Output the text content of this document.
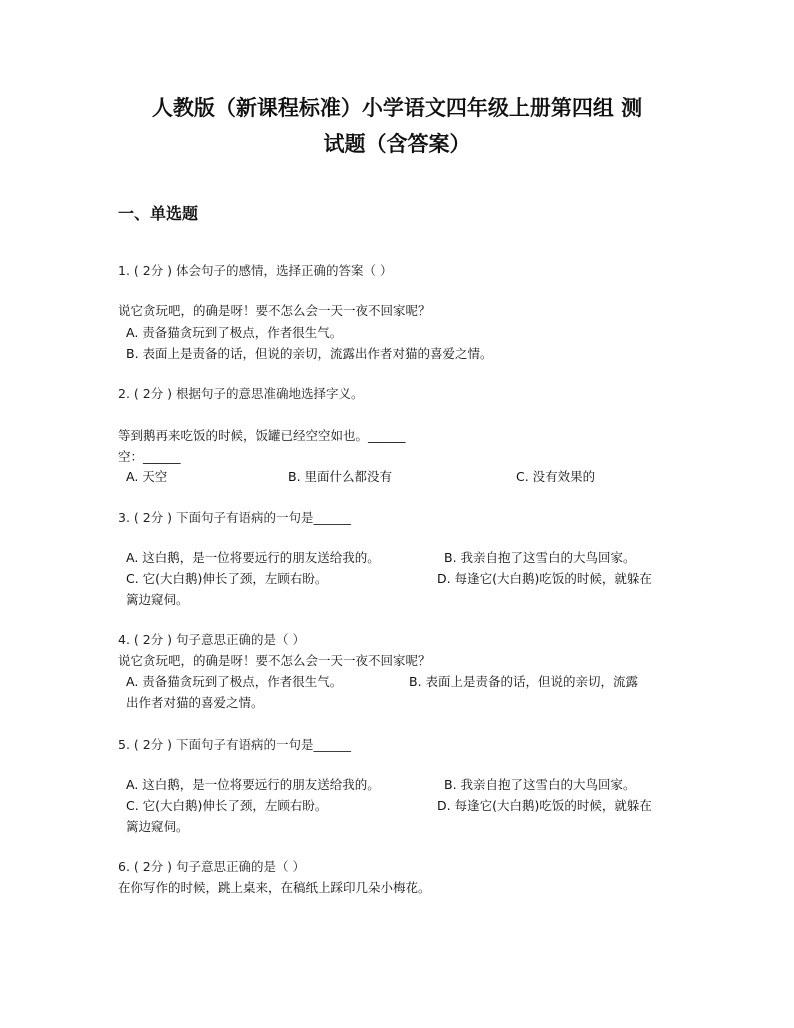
人教版（新课程标准）小学语文四年级上册第四组 测
试题（含答案）
一、单选题
1. ( 2分 ) 体会句子的感情，选择正确的答案（ ）
说它贪玩吧，的确是呀！要不怎么会一天一夜不回家呢？
A. 责备猫贪玩到了极点，作者很生气。
B. 表面上是责备的话，但说的亲切，流露出作者对猫的喜爱之情。
2. ( 2分 ) 根据句子的意思准确地选择字义。
等到鹅再来吃饭的时候，饭罐已经空空如也。______
空：______
A. 天空	B. 里面什么都没有	C. 没有效果的
3. ( 2分 ) 下面句子有语病的一句是______
A. 这白鹅，是一位将要远行的朋友送给我的。	B. 我亲自抱了这雪白的大鸟回家。
C. 它(大白鹅)伸长了颈，左顾右盼。	D. 每逢它(大白鹅)吃饭的时候，就躲在
篱边窥伺。
4. ( 2分 ) 句子意思正确的是（ ）
说它贪玩吧，的确是呀！要不怎么会一天一夜不回家呢？
A. 责备猫贪玩到了极点，作者很生气。	B. 表面上是责备的话，但说的亲切，流露
出作者对猫的喜爱之情。
5. ( 2分 ) 下面句子有语病的一句是______
A. 这白鹅，是一位将要远行的朋友送给我的。	B. 我亲自抱了这雪白的大鸟回家。
C. 它(大白鹅)伸长了颈，左顾右盼。	D. 每逢它(大白鹅)吃饭的时候，就躲在
篱边窥伺。
6. ( 2分 ) 句子意思正确的是（ ）
在你写作的时候，跳上桌来，在稿纸上踩印几朵小梅花。
